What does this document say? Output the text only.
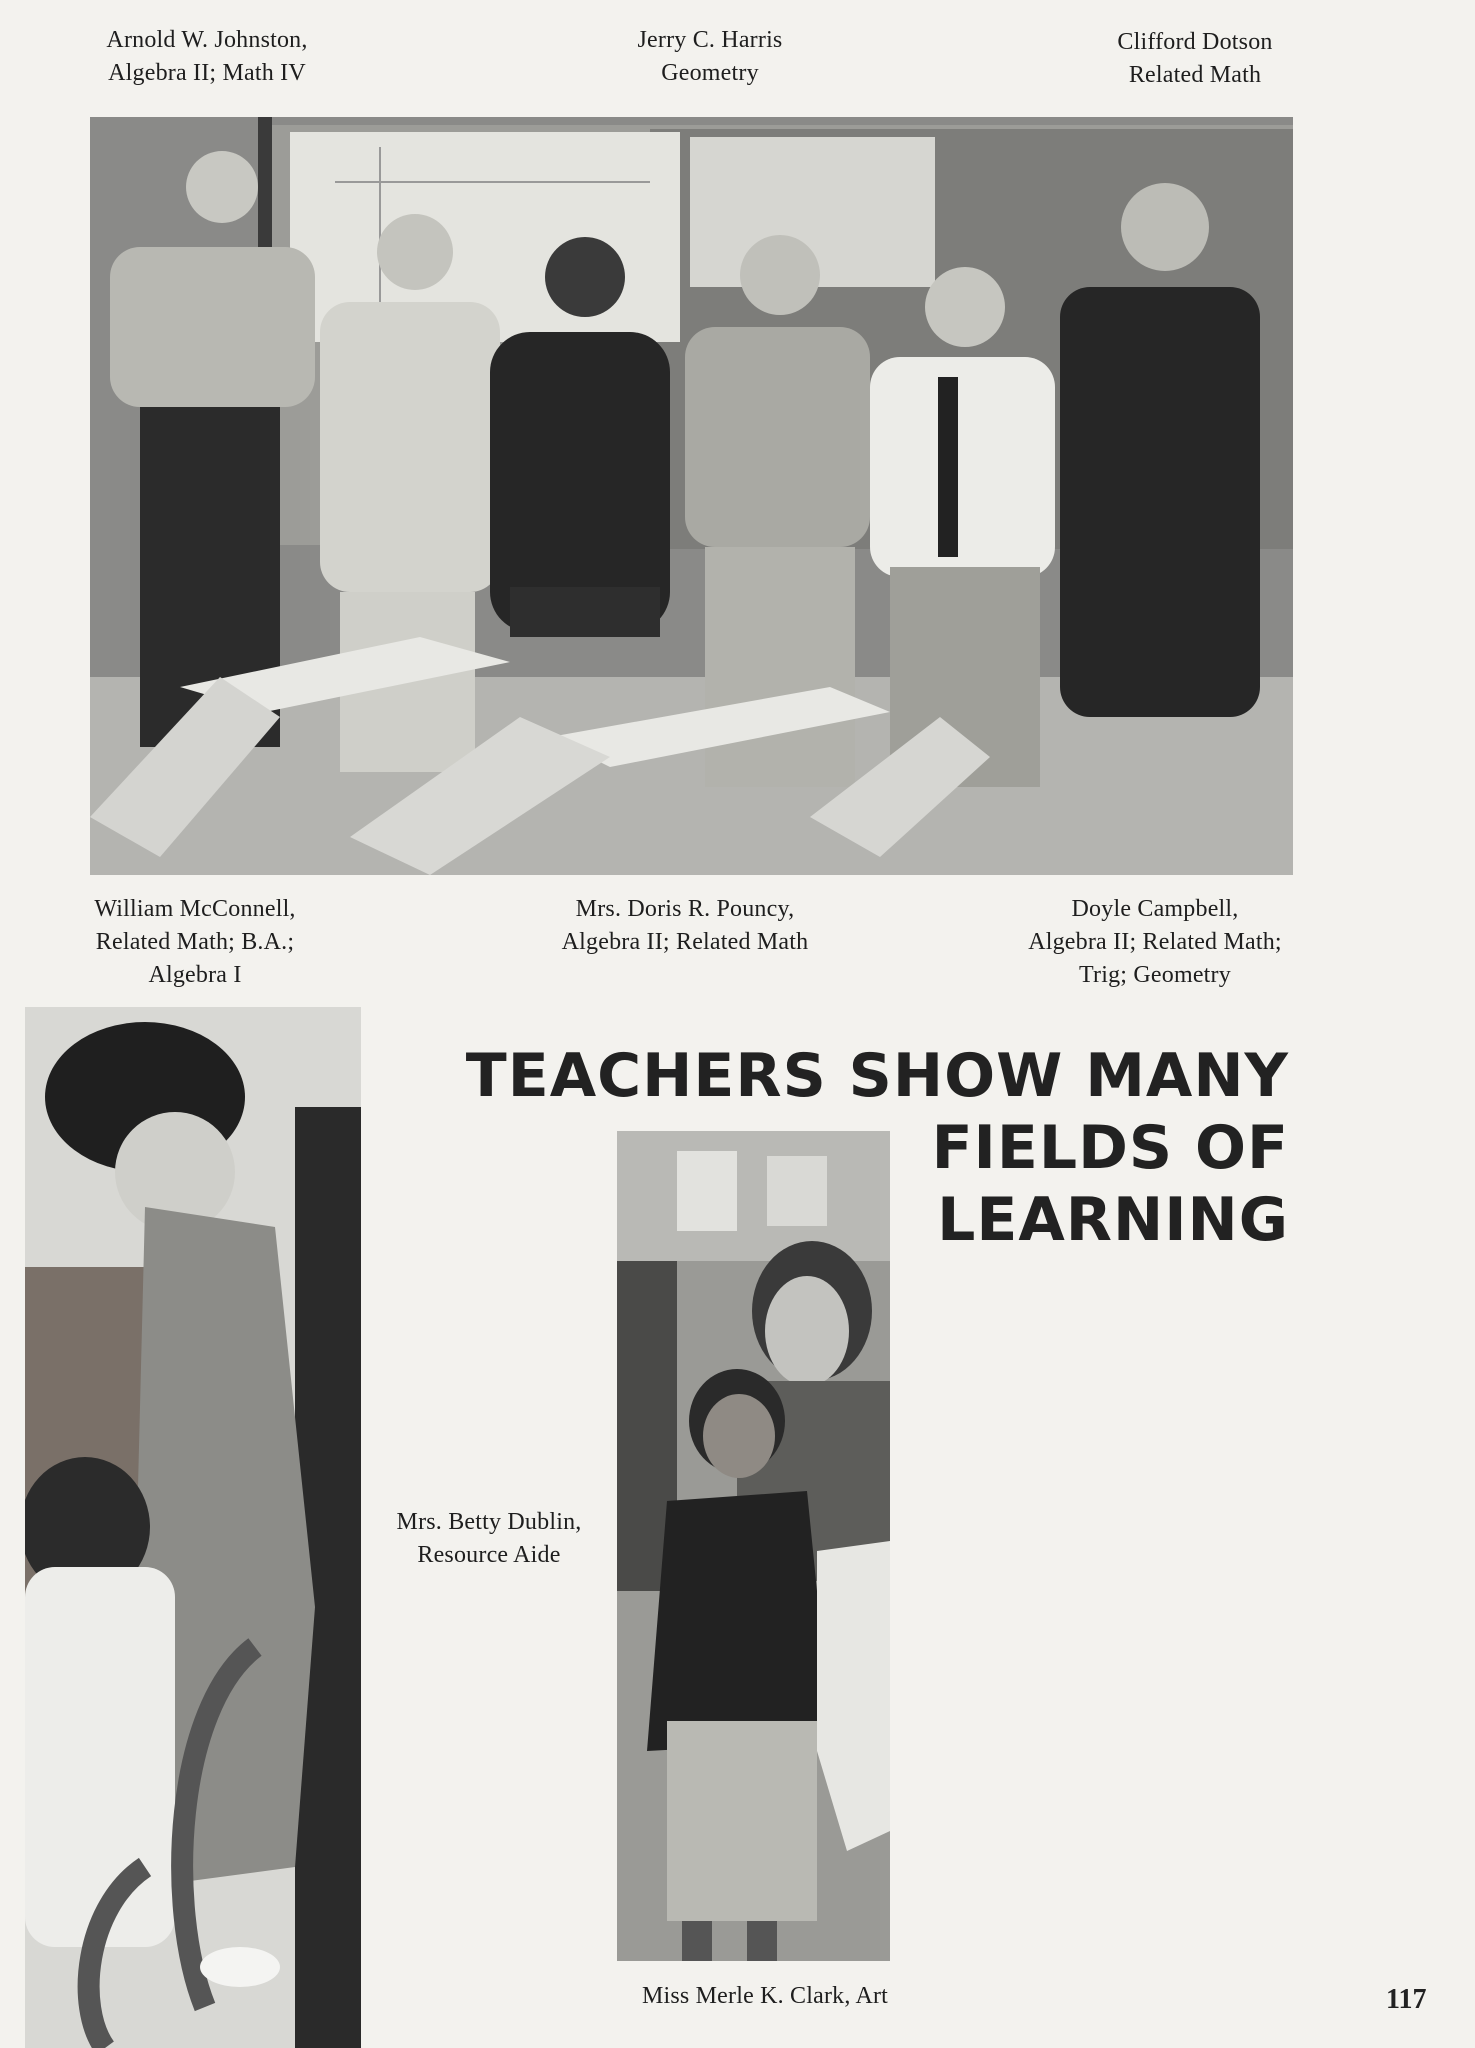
Arnold W. Johnston,
Algebra II; Math IV
Jerry C. Harris
Geometry
Clifford Dotson
Related Math
William McConnell,
Related Math; B.A.;
Algebra I
Mrs. Doris R. Pouncy,
Algebra II; Related Math
Doyle Campbell,
Algebra II; Related Math;
Trig; Geometry
TEACHERS SHOW MANY
FIELDS OF
LEARNING
Mrs. Betty Dublin,
Resource Aide
Miss Merle K. Clark, Art	117
